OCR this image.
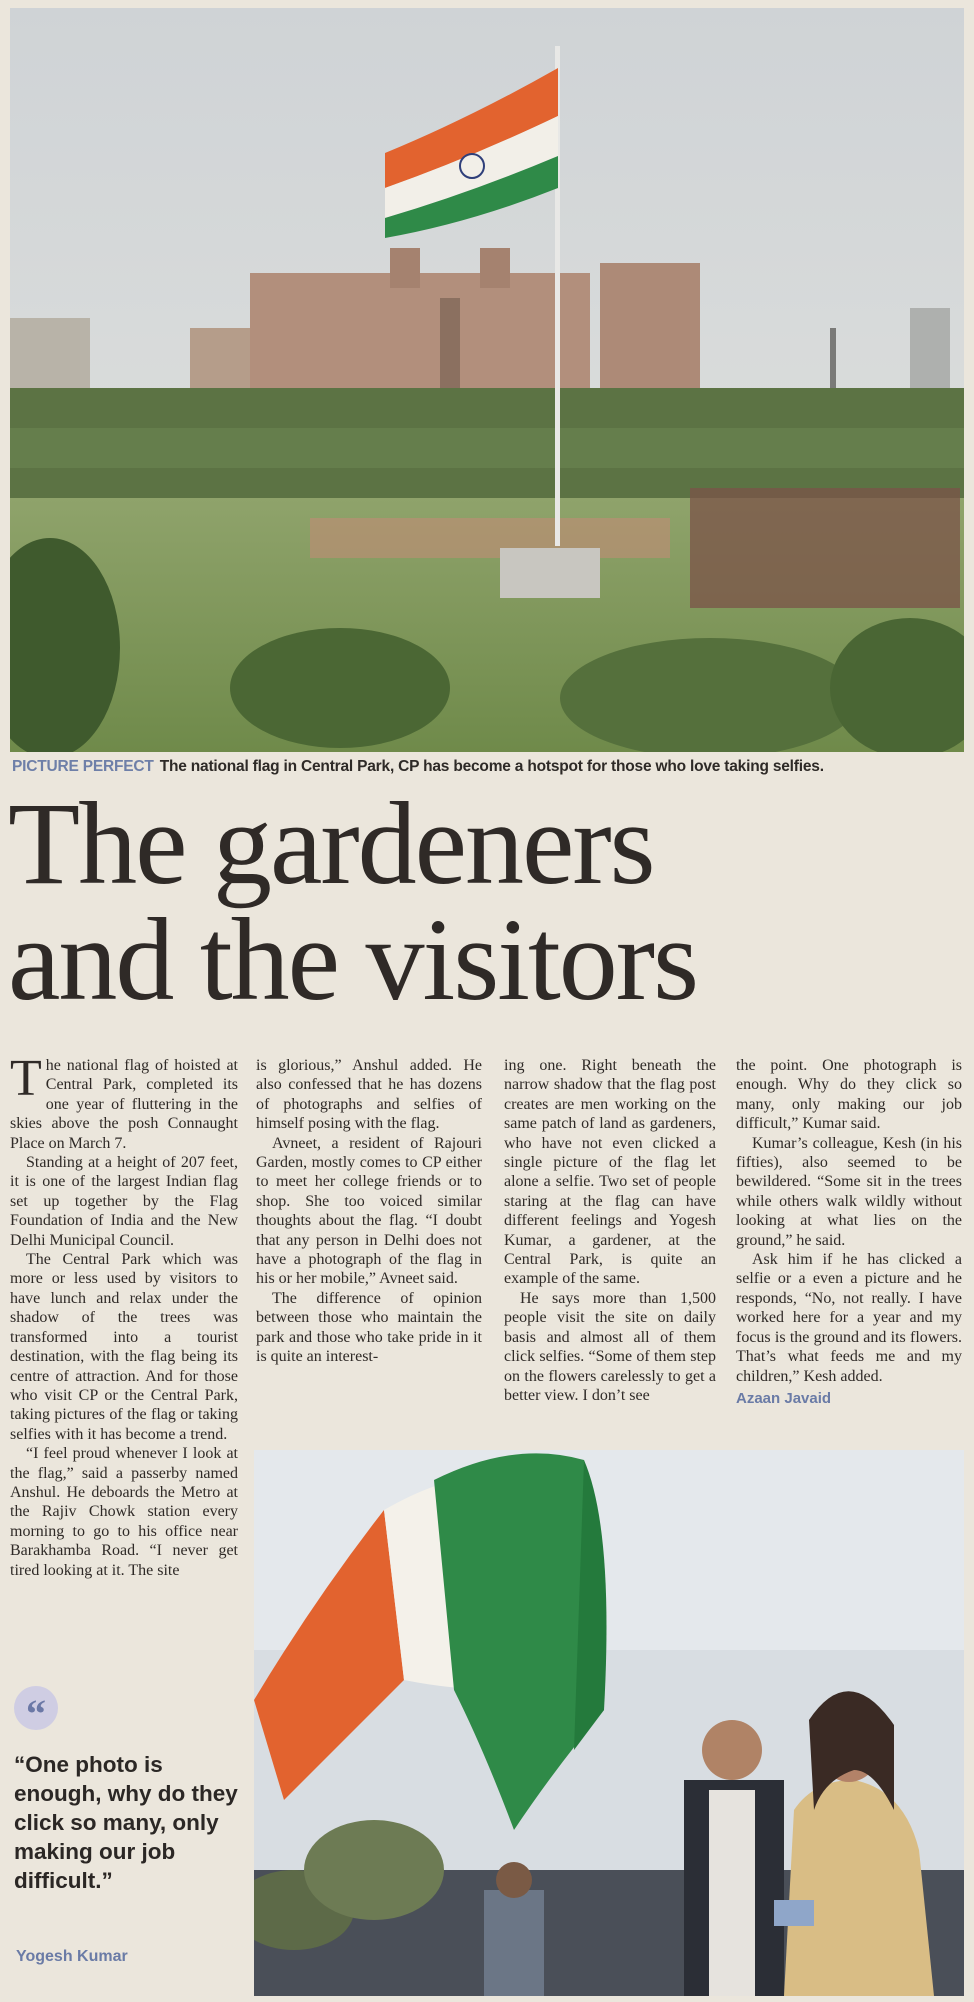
PICTURE PERFECT The national flag in Central Park, CP has become a hotspot for those who love taking selfies.
The gardeners
and the visitors

The national flag of hoisted at Central Park, completed its one year of fluttering in the skies above the posh Connaught Place on March 7.

Standing at a height of 207 feet, it is one of the largest Indian flag set up together by the Flag Foundation of India and the New Delhi Municipal Council.

The Central Park which was more or less used by visitors to have lunch and relax under the shadow of the trees was transformed into a tourist destination, with the flag being its centre of attraction. And for those who visit CP or the Central Park, taking pictures of the flag or taking selfies with it has become a trend.

“I feel proud whenever I look at the flag,” said a passerby named Anshul. He deboards the Metro at the Rajiv Chowk station every morning to go to his office near Barakhamba Road. “I never get tired looking at it. The site

is glorious,” Anshul added. He also confessed that he has dozens of photographs and selfies of himself posing with the flag.

Avneet, a resident of Rajouri Garden, mostly comes to CP either to meet her college friends or to shop. She too voiced similar thoughts about the flag. “I doubt that any person in Delhi does not have a photograph of the flag in his or her mobile,” Avneet said.

The difference of opinion between those who maintain the park and those who take pride in it is quite an interest-

ing one. Right beneath the narrow shadow that the flag post creates are men working on the same patch of land as gardeners, who have not even clicked a single picture of the flag let alone a selfie. Two set of people staring at the flag can have different feelings and Yogesh Kumar, a gardener, at the Central Park, is quite an example of the same.

He says more than 1,500 people visit the site on daily basis and almost all of them click selfies. “Some of them step on the flowers carelessly to get a better view. I don’t see

the point. One photograph is enough. Why do they click so many, only making our job difficult,” Kumar said.

Kumar’s colleague, Kesh (in his fifties), also seemed to be bewildered. “Some sit in the trees while others walk wildly without looking at what lies on the ground,” he said.

Ask him if he has clicked a selfie or a even a picture and he responds, “No, not really. I have worked here for a year and my focus is the ground and its flowers. That’s what feeds me and my children,” Kesh added.

Azaan Javaid
“
“One photo is enough, why do they click so many, only making our job difficult.”
Yogesh Kumar
